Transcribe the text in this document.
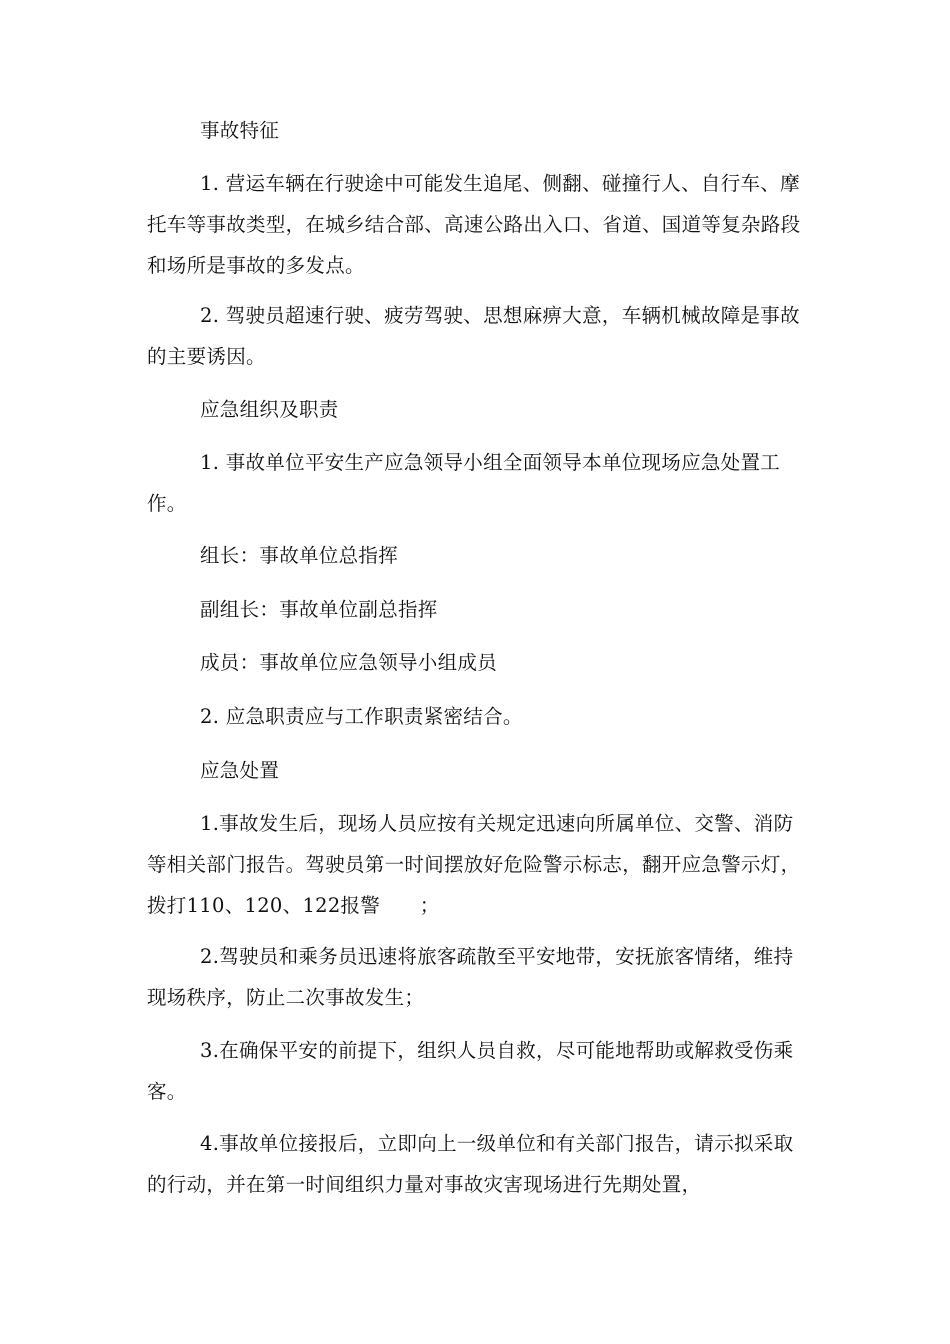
事故特征

1. 营运车辆在行驶途中可能发生追尾、侧翻、碰撞行人、自行车、摩托车等事故类型，在城乡结合部、高速公路出入口、省道、国道等复杂路段和场所是事故的多发点。

2. 驾驶员超速行驶、疲劳驾驶、思想麻痹大意，车辆机械故障是事故的主要诱因。

应急组织及职责

1. 事故单位平安生产应急领导小组全面领导本单位现场应急处置工作。

组长：事故单位总指挥

副组长：事故单位副总指挥

成员：事故单位应急领导小组成员

2. 应急职责应与工作职责紧密结合。

应急处置

1.事故发生后，现场人员应按有关规定迅速向所属单位、交警、消防等相关部门报告。驾驶员第一时间摆放好危险警示标志，翻开应急警示灯，拨打110、120、122报警　　；

2.驾驶员和乘务员迅速将旅客疏散至平安地带，安抚旅客情绪，维持现场秩序，防止二次事故发生；

3.在确保平安的前提下，组织人员自救，尽可能地帮助或解救受伤乘客。

4.事故单位接报后，立即向上一级单位和有关部门报告，请示拟采取的行动，并在第一时间组织力量对事故灾害现场进行先期处置，
